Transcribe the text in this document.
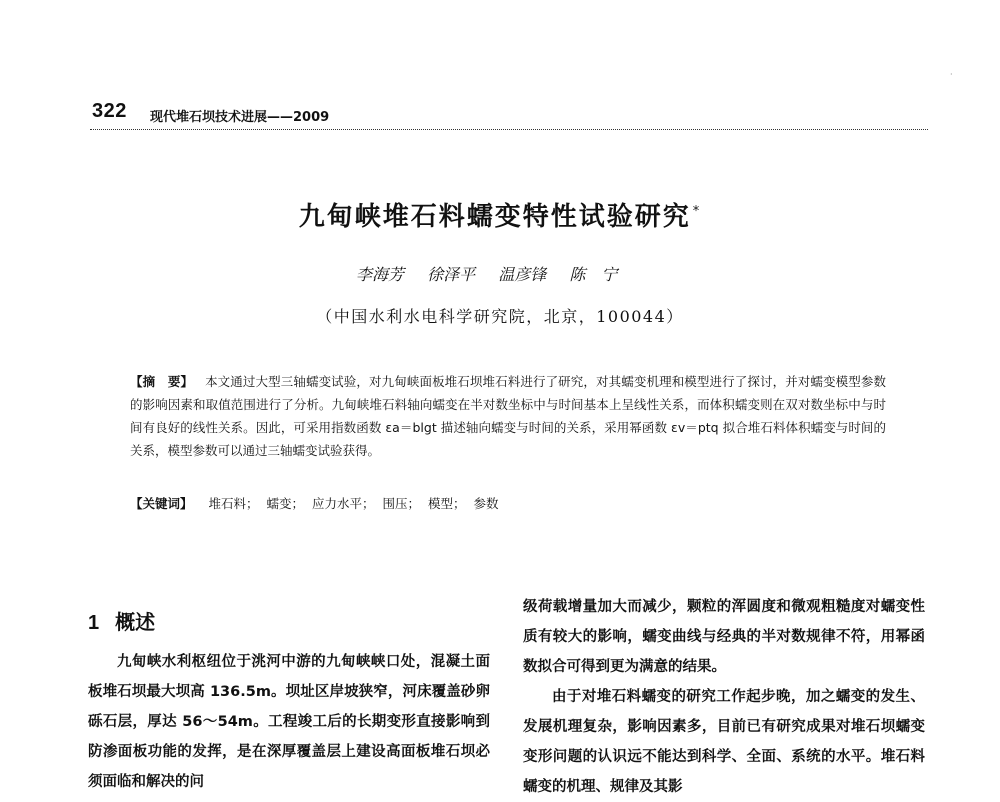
·
322 现代堆石坝技术进展——2009
九甸峡堆石料蠕变特性试验研究 *
李海芳 徐泽平 温彦锋 陈　宁
（中国水利水电科学研究院，北京，100044）

【摘　要】 本文通过大型三轴蠕变试验，对九甸峡面板堆石坝堆石料进行了研究，对其蠕变机理和模型进行了探讨，并对蠕变模型参数的影响因素和取值范围进行了分析。九甸峡堆石料轴向蠕变在半对数坐标中与时间基本上呈线性关系，而体积蠕变则在双对数坐标中与时间有良好的线性关系。因此，可采用指数函数 εa＝blgt 描述轴向蠕变与时间的关系，采用幂函数 εv＝ptq 拟合堆石料体积蠕变与时间的关系，模型参数可以通过三轴蠕变试验获得。

【关键词】 堆石料； 蠕变； 应力水平； 围压； 模型； 参数
1 概述

九甸峡水利枢纽位于洮河中游的九甸峡峡口处，混凝土面板堆石坝最大坝高 136.5m。坝址区岸坡狭窄，河床覆盖砂卵砾石层，厚达 56～54m。工程竣工后的长期变形直接影响到防渗面板功能的发挥，是在深厚覆盖层上建设高面板堆石坝必须面临和解决的问

级荷载增量加大而减少，颗粒的浑圆度和微观粗糙度对蠕变性质有较大的影响，蠕变曲线与经典的半对数规律不符，用幂函数拟合可得到更为满意的结果。

由于对堆石料蠕变的研究工作起步晚，加之蠕变的发生、发展机理复杂，影响因素多，目前已有研究成果对堆石坝蠕变变形问题的认识远不能达到科学、全面、系统的水平。堆石料蠕变的机理、规律及其影
